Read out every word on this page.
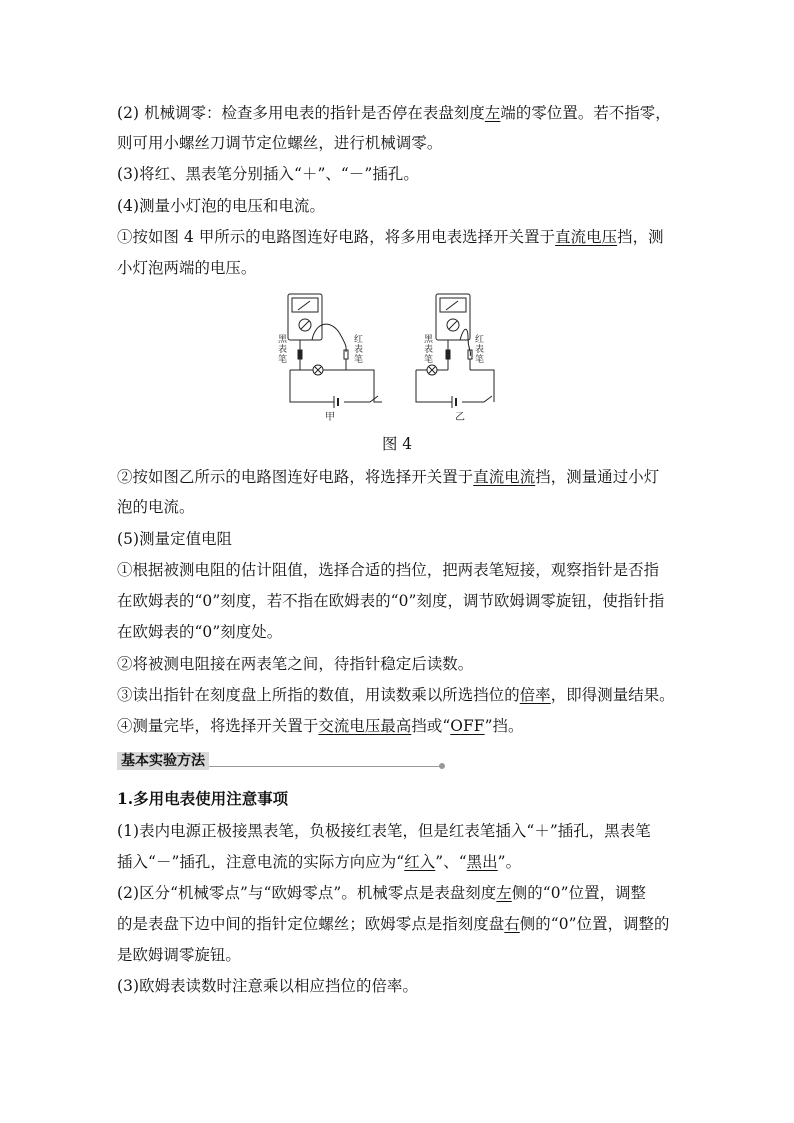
(2) 机械调零：检查多用电表的指针是否停在表盘刻度左端的零位置。若不指零，
则可用小螺丝刀调节定位螺丝，进行机械调零。
(3)将红、黑表笔分别插入“＋”、“－”插孔。
(4)测量小灯泡的电压和电流。
①按如图 4 甲所示的电路图连好电路，将多用电表选择开关置于直流电压挡，测
小灯泡两端的电压。
黑表笔
红表笔
甲
黑表笔
红表笔
乙
图 4
②按如图乙所示的电路图连好电路，将选择开关置于直流电流挡，测量通过小灯
泡的电流。
(5)测量定值电阻
①根据被测电阻的估计阻值，选择合适的挡位，把两表笔短接，观察指针是否指
在欧姆表的“0”刻度，若不指在欧姆表的“0”刻度，调节欧姆调零旋钮，使指针指
在欧姆表的“0”刻度处。
②将被测电阻接在两表笔之间，待指针稳定后读数。
③读出指针在刻度盘上所指的数值，用读数乘以所选挡位的倍率，即得测量结果。
④测量完毕，将选择开关置于交流电压最高挡或“OFF”挡。
基本实验方法
1.多用电表使用注意事项
(1)表内电源正极接黑表笔，负极接红表笔，但是红表笔插入“＋”插孔，黑表笔
插入“－”插孔，注意电流的实际方向应为“红入”、“黑出”。
(2)区分“机械零点”与“欧姆零点”。机械零点是表盘刻度左侧的“0”位置，调整
的是表盘下边中间的指针定位螺丝；欧姆零点是指刻度盘右侧的“0”位置，调整的
是欧姆调零旋钮。
(3)欧姆表读数时注意乘以相应挡位的倍率。
